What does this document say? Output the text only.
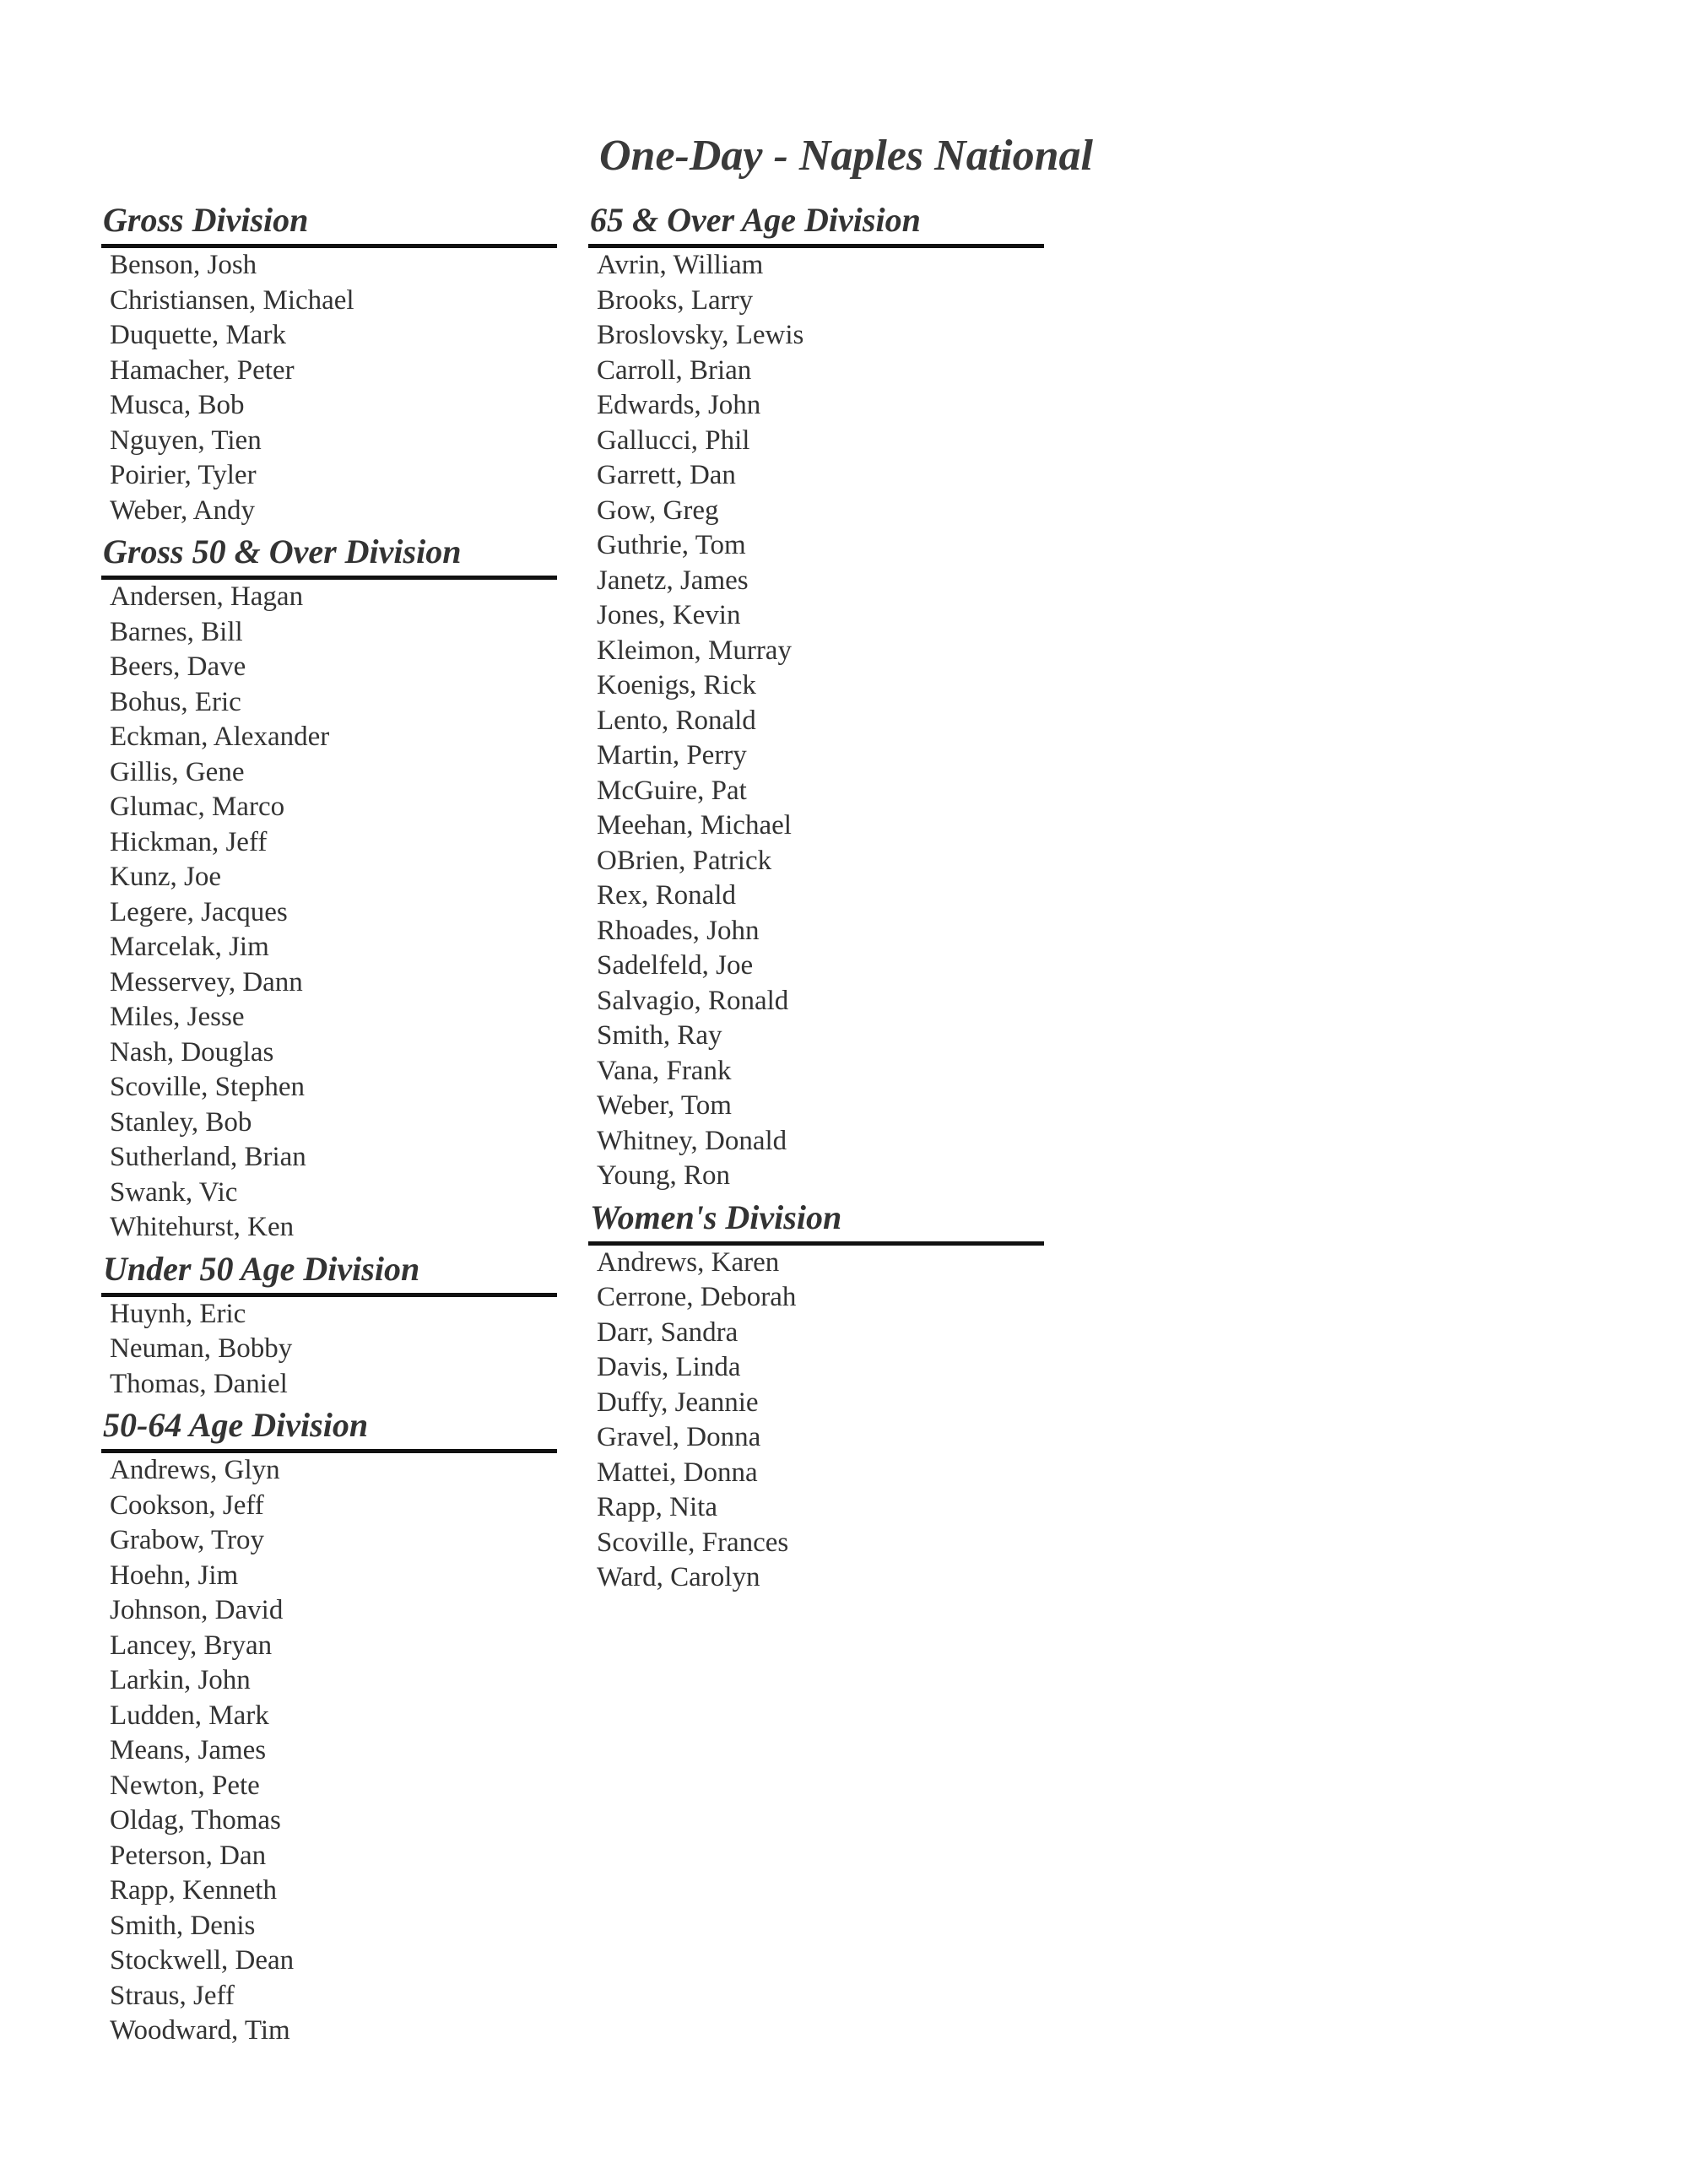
One-Day - Naples National
Gross Division
Benson, Josh
Christiansen, Michael
Duquette, Mark
Hamacher, Peter
Musca, Bob
Nguyen, Tien
Poirier, Tyler
Weber, Andy
Gross 50 & Over Division
Andersen, Hagan
Barnes, Bill
Beers, Dave
Bohus, Eric
Eckman, Alexander
Gillis, Gene
Glumac, Marco
Hickman, Jeff
Kunz, Joe
Legere, Jacques
Marcelak, Jim
Messervey, Dann
Miles, Jesse
Nash, Douglas
Scoville, Stephen
Stanley, Bob
Sutherland, Brian
Swank, Vic
Whitehurst, Ken
Under 50 Age Division
Huynh, Eric
Neuman, Bobby
Thomas, Daniel
50-64 Age Division
Andrews, Glyn
Cookson, Jeff
Grabow, Troy
Hoehn, Jim
Johnson, David
Lancey, Bryan
Larkin, John
Ludden, Mark
Means, James
Newton, Pete
Oldag, Thomas
Peterson, Dan
Rapp, Kenneth
Smith, Denis
Stockwell, Dean
Straus, Jeff
Woodward, Tim
65 & Over Age Division
Avrin, William
Brooks, Larry
Broslovsky, Lewis
Carroll, Brian
Edwards, John
Gallucci, Phil
Garrett, Dan
Gow, Greg
Guthrie, Tom
Janetz, James
Jones, Kevin
Kleimon, Murray
Koenigs, Rick
Lento, Ronald
Martin, Perry
McGuire, Pat
Meehan, Michael
OBrien, Patrick
Rex, Ronald
Rhoades, John
Sadelfeld, Joe
Salvagio, Ronald
Smith, Ray
Vana, Frank
Weber, Tom
Whitney, Donald
Young, Ron
Women's Division
Andrews, Karen
Cerrone, Deborah
Darr, Sandra
Davis, Linda
Duffy, Jeannie
Gravel, Donna
Mattei, Donna
Rapp, Nita
Scoville, Frances
Ward, Carolyn
